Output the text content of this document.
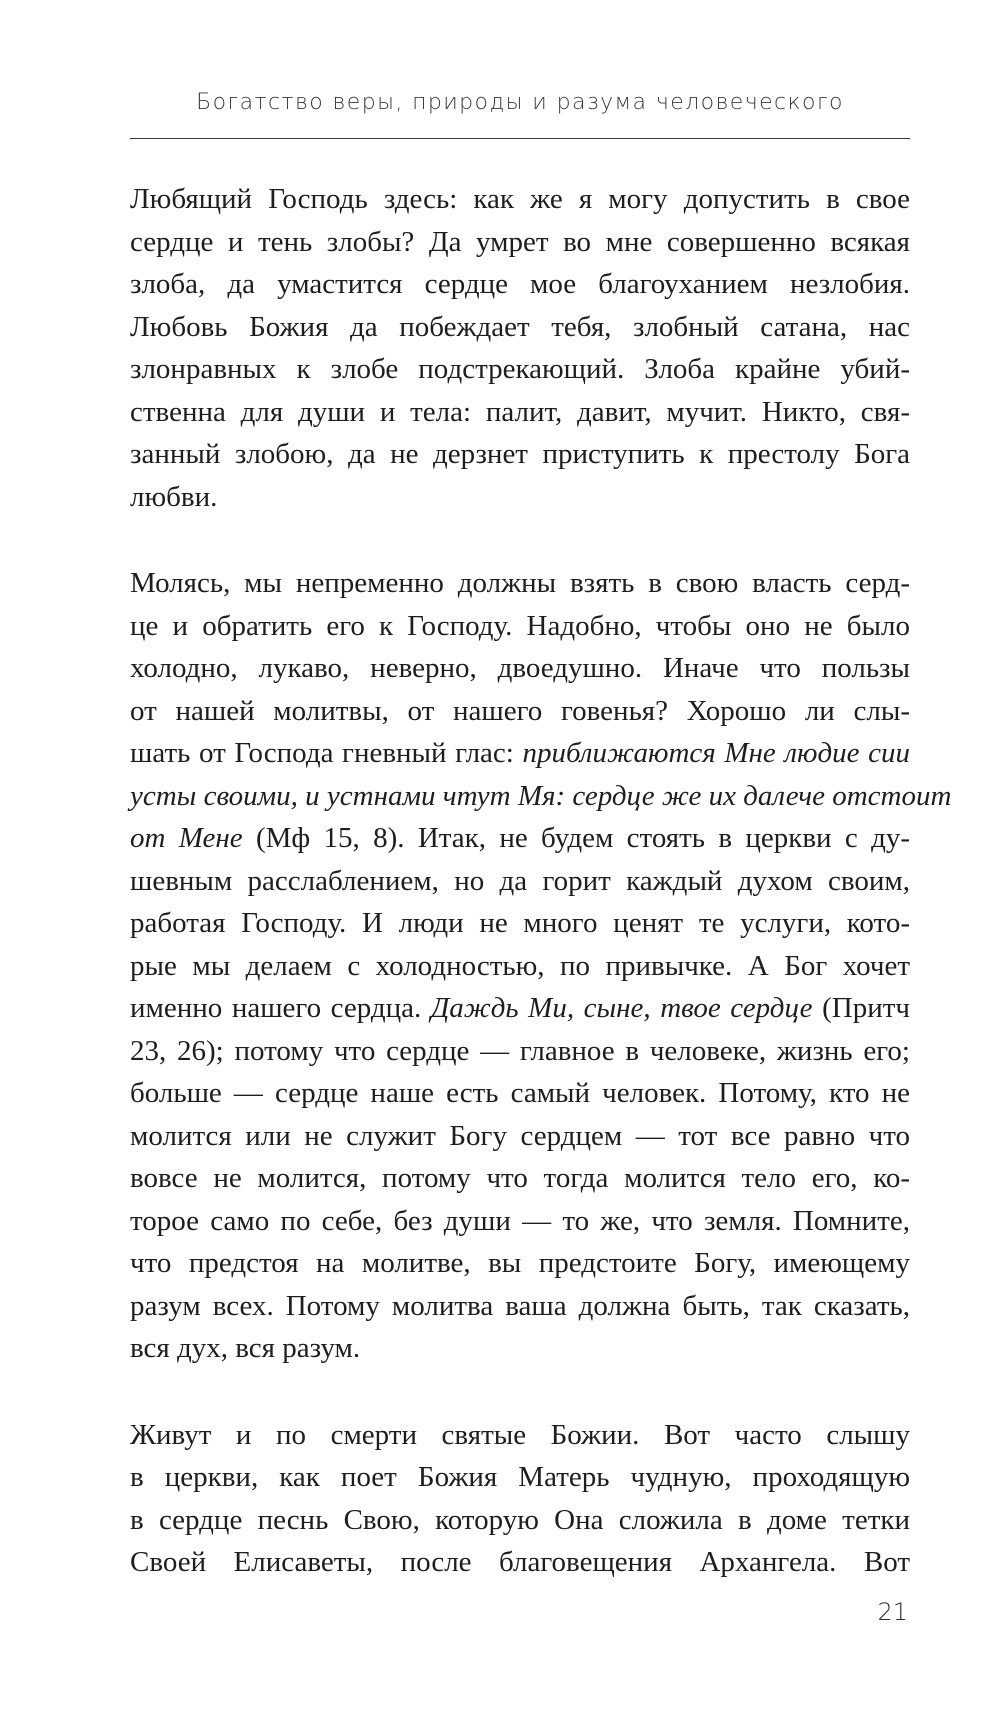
Богатство веры, природы и разума человеческого

Любящий Господь здесь: как же я могу допустить в свое
сердце и тень злобы? Да умрет во мне совершенно всякая
злоба, да умастится сердце мое благоуханием незлобия.
Любовь Божия да побеждает тебя, злобный сатана, нас
злонравных к злобе подстрекающий. Злоба крайне убий-
ственна для души и тела: палит, давит, мучит. Никто, свя-
занный злобою, да не дерзнет приступить к престолу Бога
любви.

Молясь, мы непременно должны взять в свою власть серд-
це и обратить его к Господу. Надобно, чтобы оно не было
холодно, лукаво, неверно, двоедушно. Иначе что пользы
от нашей молитвы, от нашего говенья? Хорошо ли слы-
шать от Господа гневный глас: приближаются Мне людие сии
усты своими, и устнами чтут Мя: сердце же их далече отстоит
от Мене (Мф 15, 8). Итак, не будем стоять в церкви с ду-
шевным расслаблением, но да горит каждый духом своим,
работая Господу. И люди не много ценят те услуги, кото-
рые мы делаем с холодностью, по привычке. А Бог хочет
именно нашего сердца. Даждь Ми, сыне, твое сердце (Притч
23, 26); потому что сердце — главное в человеке, жизнь его;
больше — сердце наше есть самый человек. Потому, кто не
молится или не служит Богу сердцем — тот все равно что
вовсе не молится, потому что тогда молится тело его, ко-
торое само по себе, без души — то же, что земля. Помните,
что предстоя на молитве, вы предстоите Богу, имеющему
разум всех. Потому молитва ваша должна быть, так сказать,
вся дух, вся разум.

Живут и по смерти святые Божии. Вот часто слышу
в церкви, как поет Божия Матерь чудную, проходящую
в сердце песнь Свою, которую Она сложила в доме тетки
Своей Елисаветы, после благовещения Архангела. Вот

21
